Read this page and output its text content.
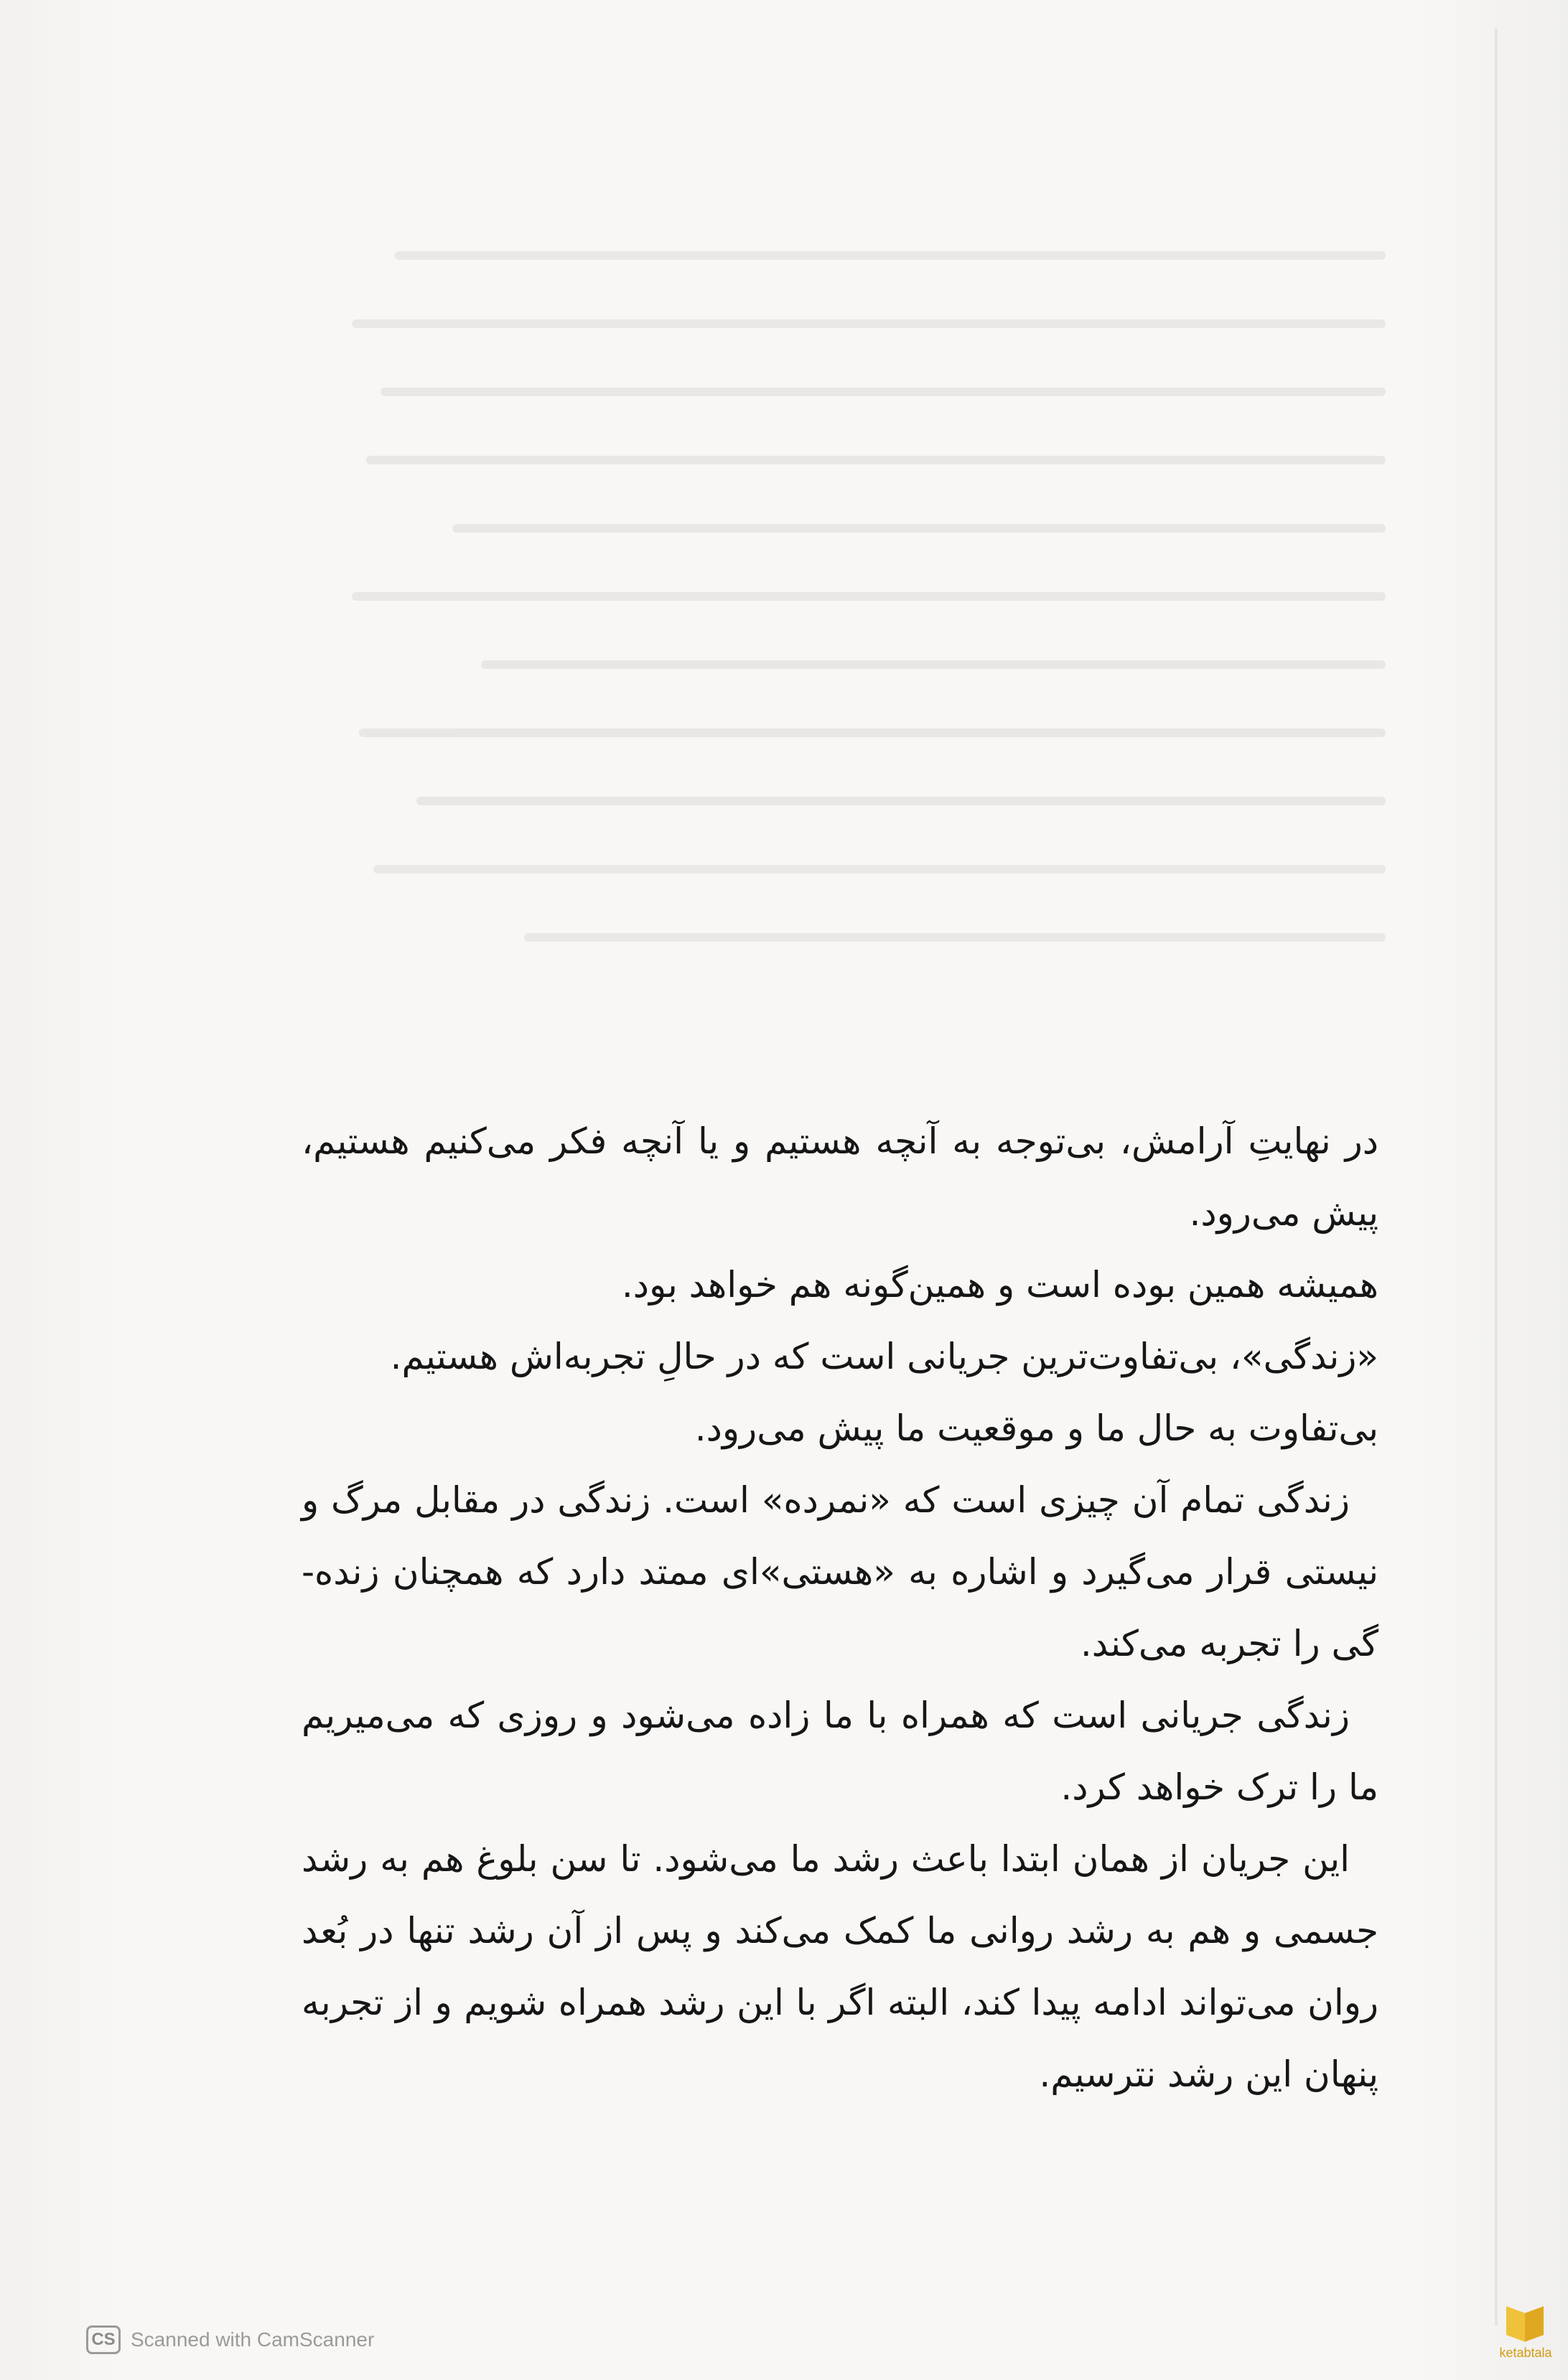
در نهایتِ آرامش، بی‌توجه به آنچه هستیم و یا آنچه فکر می‌کنیم هستیم، پیش می‌رود.

همیشه همین بوده است و همین‌گونه هم خواهد بود.

«زندگی»، بی‌تفاوت‌ترین جریانی است که در حالِ تجربه‌اش هستیم.

بی‌تفاوت به حال ما و موقعیت ما پیش می‌رود.

زندگی تمام آن چیزی است که «نمرده» است. زندگی در مقابل مرگ و نیستی قرار می‌گیرد و اشاره به «هستی»ای ممتد دارد که همچنان زنده-گی را تجربه می‌کند.

زندگی جریانی است که همراه با ما زاده می‌شود و روزی که می‌میریم ما را ترک خواهد کرد.

این جریان از همان ابتدا باعث رشد ما می‌شود. تا سن بلوغ هم به رشد جسمی و هم به رشد روانی ما کمک می‌کند و پس از آن رشد تنها در بُعد روان می‌تواند ادامه پیدا کند، البته اگر با این رشد همراه شویم و از تجربه پنهان این رشد نترسیم.

CS Scanned with CamScanner
ketabtala
